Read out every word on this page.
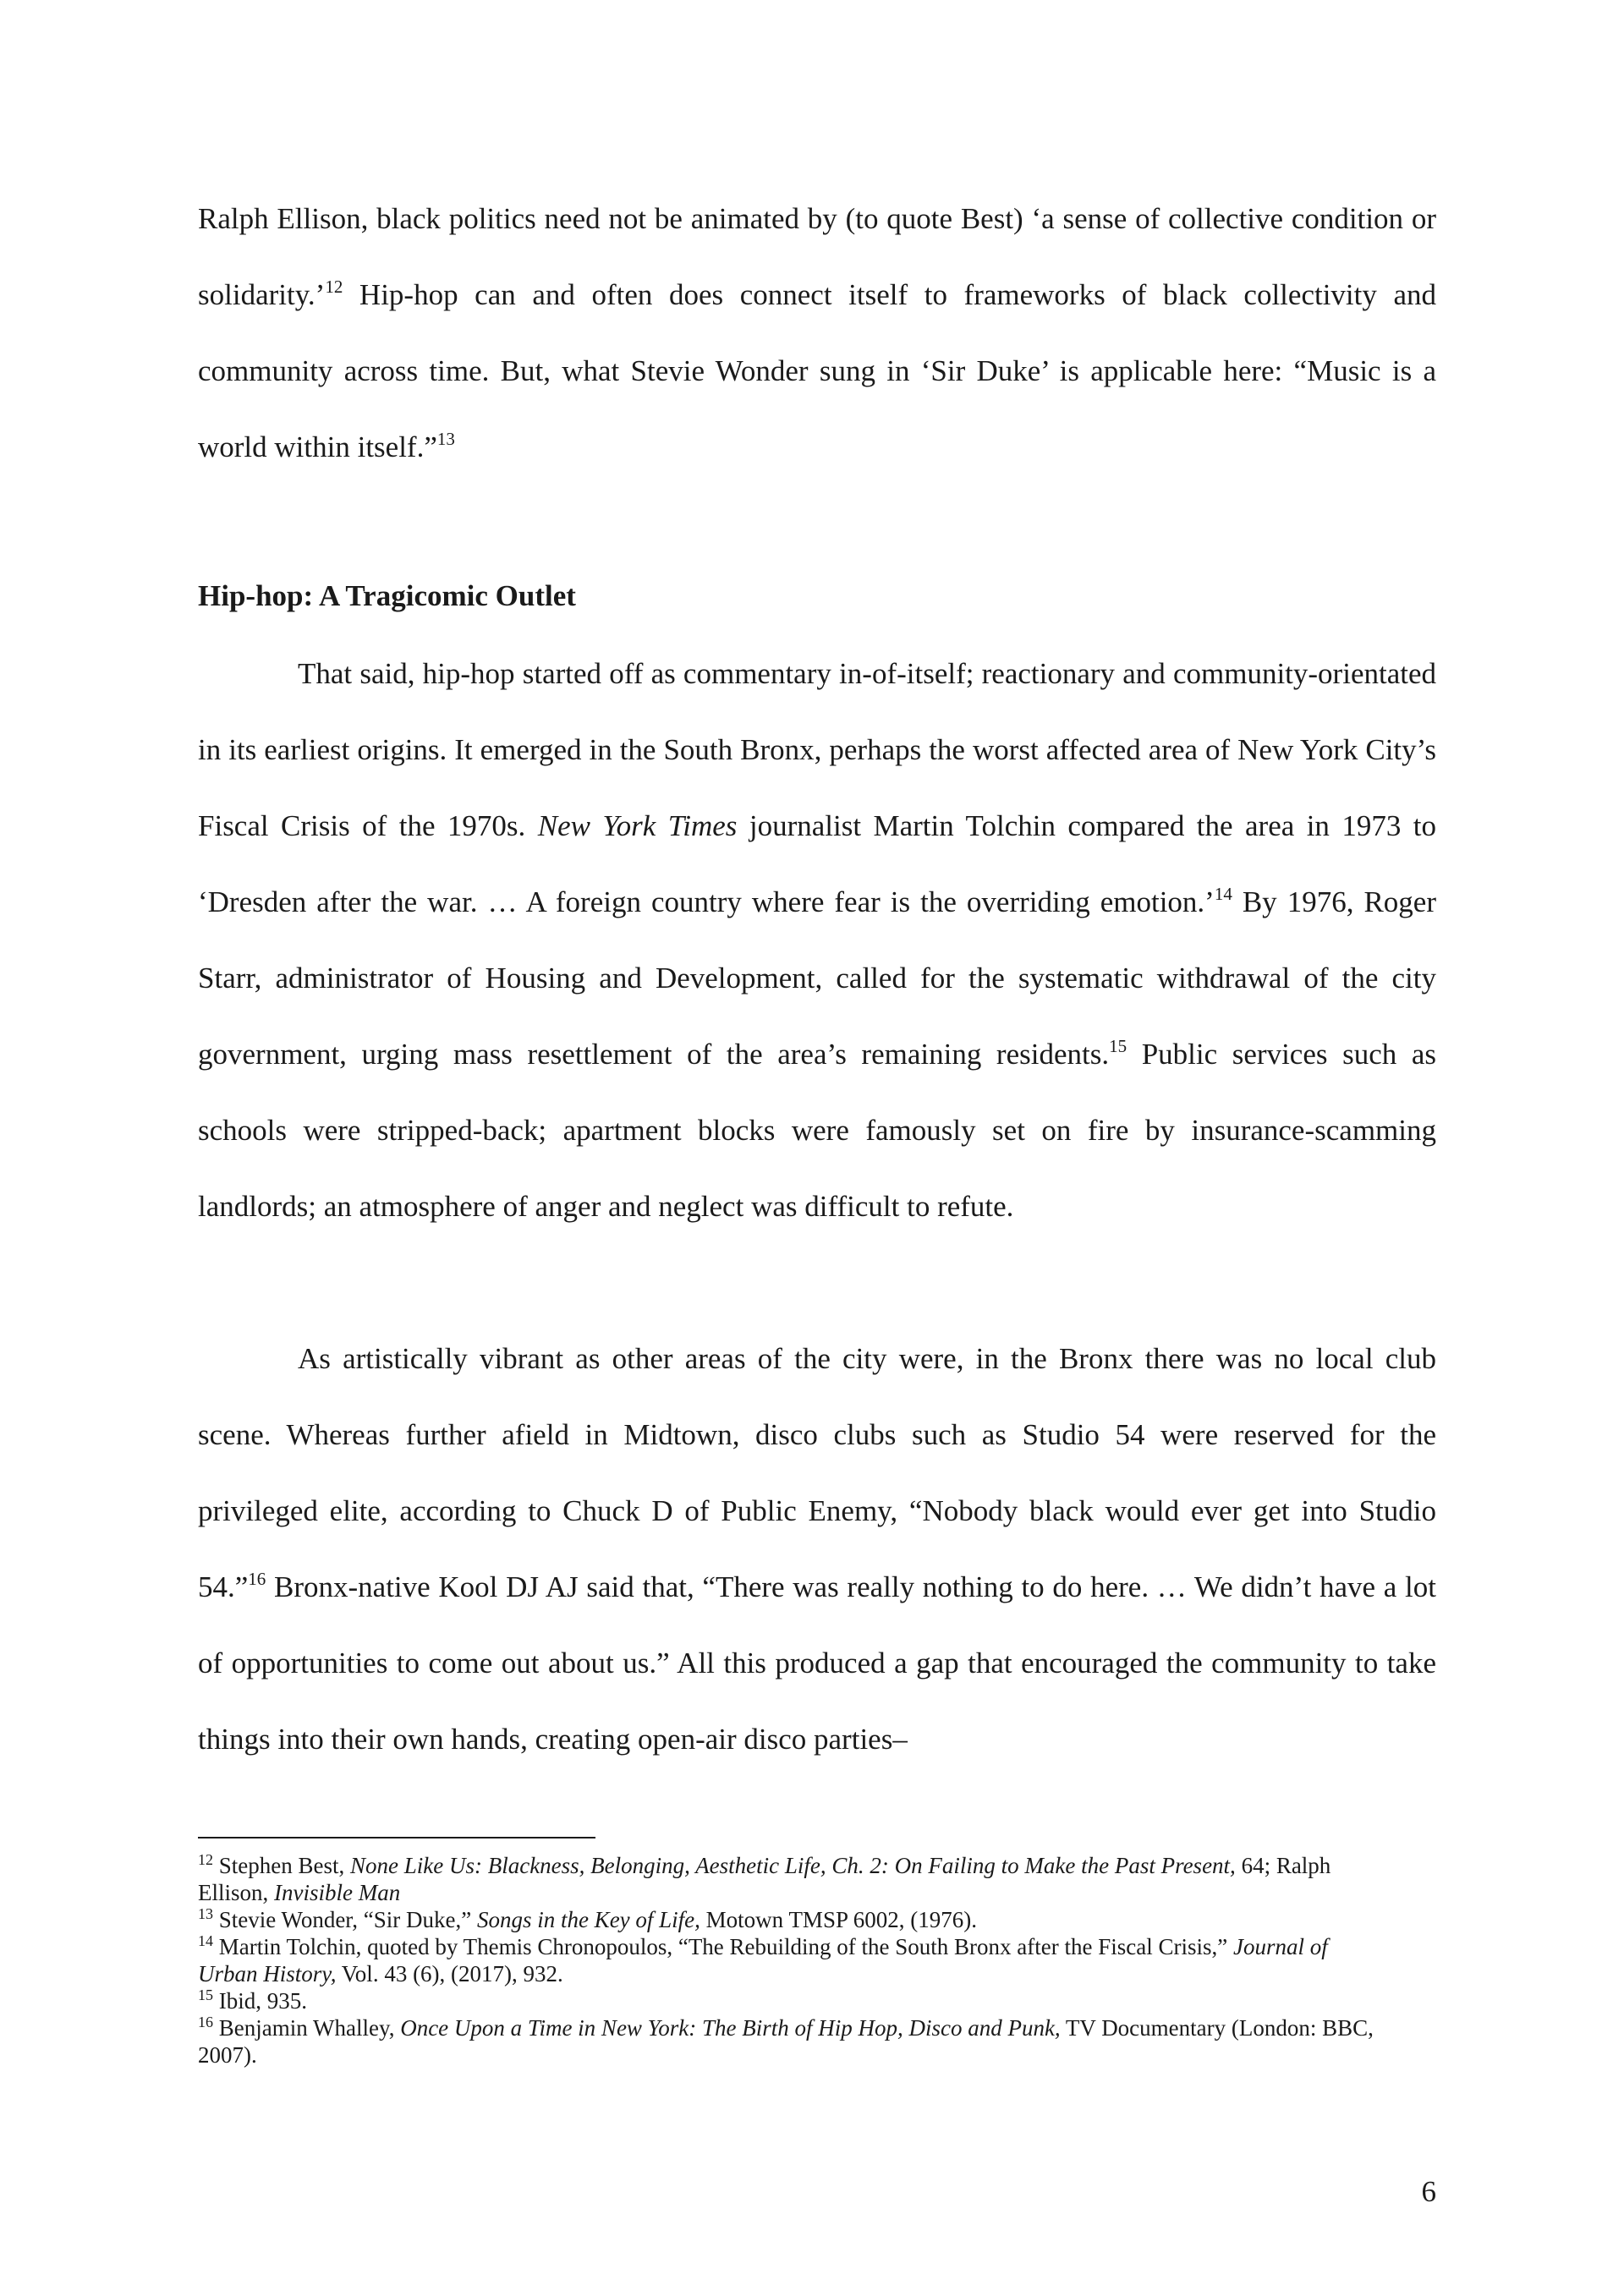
Ralph Ellison, black politics need not be animated by (to quote Best) ‘a sense of collective condition or solidarity.’$^{12}$ Hip-hop can and often does connect itself to frameworks of black collectivity and community across time. But, what Stevie Wonder sung in ‘Sir Duke’ is applicable here: “Music is a world within itself.”$^{13}$

Hip-hop: A Tragicomic Outlet

That said, hip-hop started off as commentary in-of-itself; reactionary and community-orientated in its earliest origins. It emerged in the South Bronx, perhaps the worst affected area of New York City’s Fiscal Crisis of the 1970s. New York Times journalist Martin Tolchin compared the area in 1973 to ‘Dresden after the war. … A foreign country where fear is the overriding emotion.’$^{14}$ By 1976, Roger Starr, administrator of Housing and Development, called for the systematic withdrawal of the city government, urging mass resettlement of the area’s remaining residents.$^{15}$ Public services such as schools were stripped-back; apartment blocks were famously set on fire by insurance-scamming landlords; an atmosphere of anger and neglect was difficult to refute.

As artistically vibrant as other areas of the city were, in the Bronx there was no local club scene. Whereas further afield in Midtown, disco clubs such as Studio 54 were reserved for the privileged elite, according to Chuck D of Public Enemy, “Nobody black would ever get into Studio 54.”$^{16}$ Bronx-native Kool DJ AJ said that, “There was really nothing to do here. … We didn’t have a lot of opportunities to come out about us.” All this produced a gap that encouraged the community to take things into their own hands, creating open-air disco parties–

$^{12}$ Stephen Best, None Like Us: Blackness, Belonging, Aesthetic Life, Ch. 2: On Failing to Make the Past Present, 64; Ralph Ellison, Invisible Man

$^{13}$ Stevie Wonder, “Sir Duke,” Songs in the Key of Life, Motown TMSP 6002, (1976).

$^{14}$ Martin Tolchin, quoted by Themis Chronopoulos, “The Rebuilding of the South Bronx after the Fiscal Crisis,” Journal of Urban History, Vol. 43 (6), (2017), 932.

$^{15}$ Ibid, 935.

$^{16}$ Benjamin Whalley, Once Upon a Time in New York: The Birth of Hip Hop, Disco and Punk, TV Documentary (London: BBC, 2007).

6
